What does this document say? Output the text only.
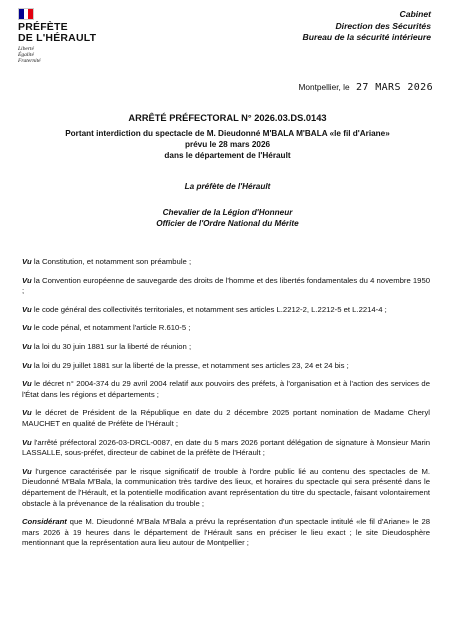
PRÉFÈTE
DE L'HÉRAULT
Liberté
Égalité
Fraternité
Cabinet
Direction des Sécurités
Bureau de la sécurité intérieure
Montpellier, le 27 MARS 2026
ARRÊTÉ PRÉFECTORAL N° 2026.03.DS.0143
Portant interdiction du spectacle de M. Dieudonné M'BALA M'BALA «le fil d'Ariane»
prévu le 28 mars 2026
dans le département de l'Hérault
La préfète de l'Hérault
Chevalier de la Légion d'Honneur
Officier de l'Ordre National du Mérite

Vu la Constitution, et notamment son préambule ;

Vu la Convention européenne de sauvegarde des droits de l'homme et des libertés fondamentales du 4 novembre 1950 ;

Vu le code général des collectivités territoriales, et notamment ses articles L.2212-2, L.2212-5 et L.2214-4 ;

Vu le code pénal, et notamment l'article R.610-5 ;

Vu la loi du 30 juin 1881 sur la liberté de réunion ;

Vu la loi du 29 juillet 1881 sur la liberté de la presse, et notamment ses articles 23, 24 et 24 bis ;

Vu le décret n° 2004-374 du 29 avril 2004 relatif aux pouvoirs des préfets, à l'organisation et à l'action des services de l'État dans les régions et départements ;

Vu le décret de Président de la République en date du 2 décembre 2025 portant nomination de Madame Cheryl MAUCHET en qualité de Préfète de l'Hérault ;

Vu l'arrêté préfectoral 2026-03-DRCL-0087, en date du 5 mars 2026 portant délégation de signature à Monsieur Marin LASSALLE, sous-préfet, directeur de cabinet de la préfète de l'Hérault ;

Vu l'urgence caractérisée par le risque significatif de trouble à l'ordre public lié au contenu des spectacles de M. Dieudonné M'Bala M'Bala, la communication très tardive des lieux, et horaires du spectacle qui sera présenté dans le département de l'Hérault, et la potentielle modification avant représentation du titre du spectacle, faisant volontairement obstacle à la prévenance de la réalisation du trouble ;

Considérant que M. Dieudonné M'Bala M'Bala a prévu la représentation d'un spectacle intitulé «le fil d'Ariane» le 28 mars 2026 à 19 heures dans le département de l'Hérault sans en préciser le lieu exact ; le site Dieudosphère mentionnant que la représentation aura lieu autour de Montpellier ;
